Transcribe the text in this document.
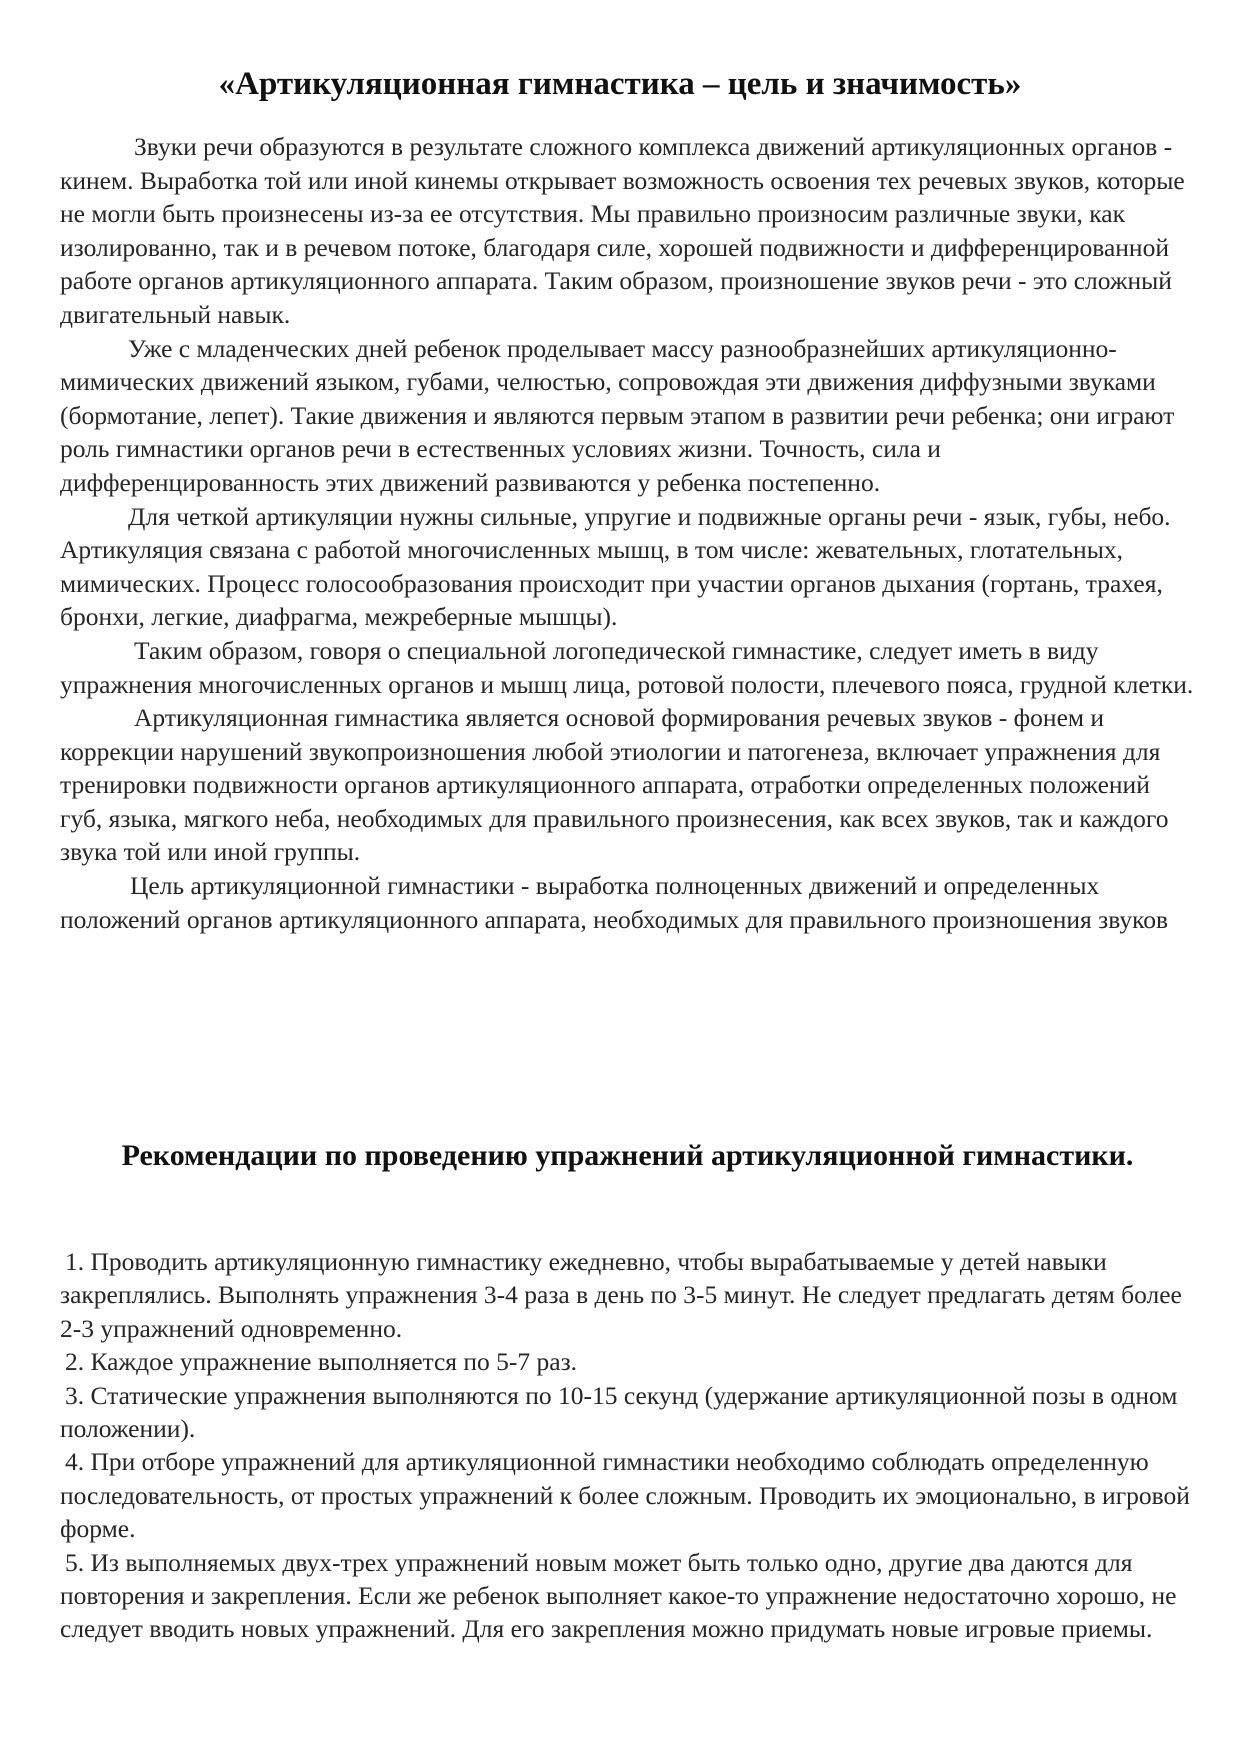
«Артикуляционная гимнастика – цель и значимость»

Звуки речи образуются в результате сложного комплекса движений артикуляционных органов - кинем. Выработка той или иной кинемы открывает возможность освоения тех речевых звуков, которые не могли быть произнесены из-за ее отсутствия. Мы правильно произносим различные звуки, как изолированно, так и в речевом потоке, благодаря силе, хорошей подвижности и дифференцированной работе органов артикуляционного аппарата. Таким образом, произношение звуков речи - это сложный двигательный навык.

Уже с младенческих дней ребенок проделывает массу разнообразнейших артикуляционно-мимических движений языком, губами, челюстью, сопровождая эти движения диффузными звуками (бормотание, лепет). Такие движения и являются первым этапом в развитии речи ребенка; они играют роль гимнастики органов речи в естественных условиях жизни. Точность, сила и дифференцированность этих движений развиваются у ребенка постепенно.

Для четкой артикуляции нужны сильные, упругие и подвижные органы речи - язык, губы, небо. Артикуляция связана с работой многочисленных мышц, в том числе: жевательных, глотательных, мимических. Процесс голосообразования происходит при участии органов дыхания (гортань, трахея, бронхи, легкие, диафрагма, межреберные мышцы).

Таким образом, говоря о специальной логопедической гимнастике, следует иметь в виду упражнения многочисленных органов и мышц лица, ротовой полости, плечевого пояса, грудной клетки.

Артикуляционная гимнастика является основой формирования речевых звуков - фонем и коррекции нарушений звукопроизношения любой этиологии и патогенеза, включает упражнения для тренировки подвижности органов артикуляционного аппарата, отработки определенных положений губ, языка, мягкого неба, необходимых для правильного произнесения, как всех звуков, так и каждого звука той или иной группы.

Цель артикуляционной гимнастики - выработка полноценных движений и определенных положений органов артикуляционного аппарата, необходимых для правильного произношения звуков

Рекомендации по проведению упражнений артикуляционной гимнастики.

1. Проводить артикуляционную гимнастику ежедневно, чтобы вырабатываемые у детей навыки закреплялись. Выполнять упражнения 3-4 раза в день по 3-5 минут. Не следует предлагать детям более 2-3 упражнений одновременно.

2. Каждое упражнение выполняется по 5-7 раз.

3. Статические упражнения выполняются по 10-15 секунд (удержание артикуляционной позы в одном положении).

4. При отборе упражнений для артикуляционной гимнастики необходимо соблюдать определенную последовательность, от простых упражнений к более сложным. Проводить их эмоционально, в игровой форме.

5. Из выполняемых двух-трех упражнений новым может быть только одно, другие два даются для повторения и закрепления. Если же ребенок выполняет какое-то упражнение недостаточно хорошо, не следует вводить новых упражнений. Для его закрепления можно придумать новые игровые приемы.
